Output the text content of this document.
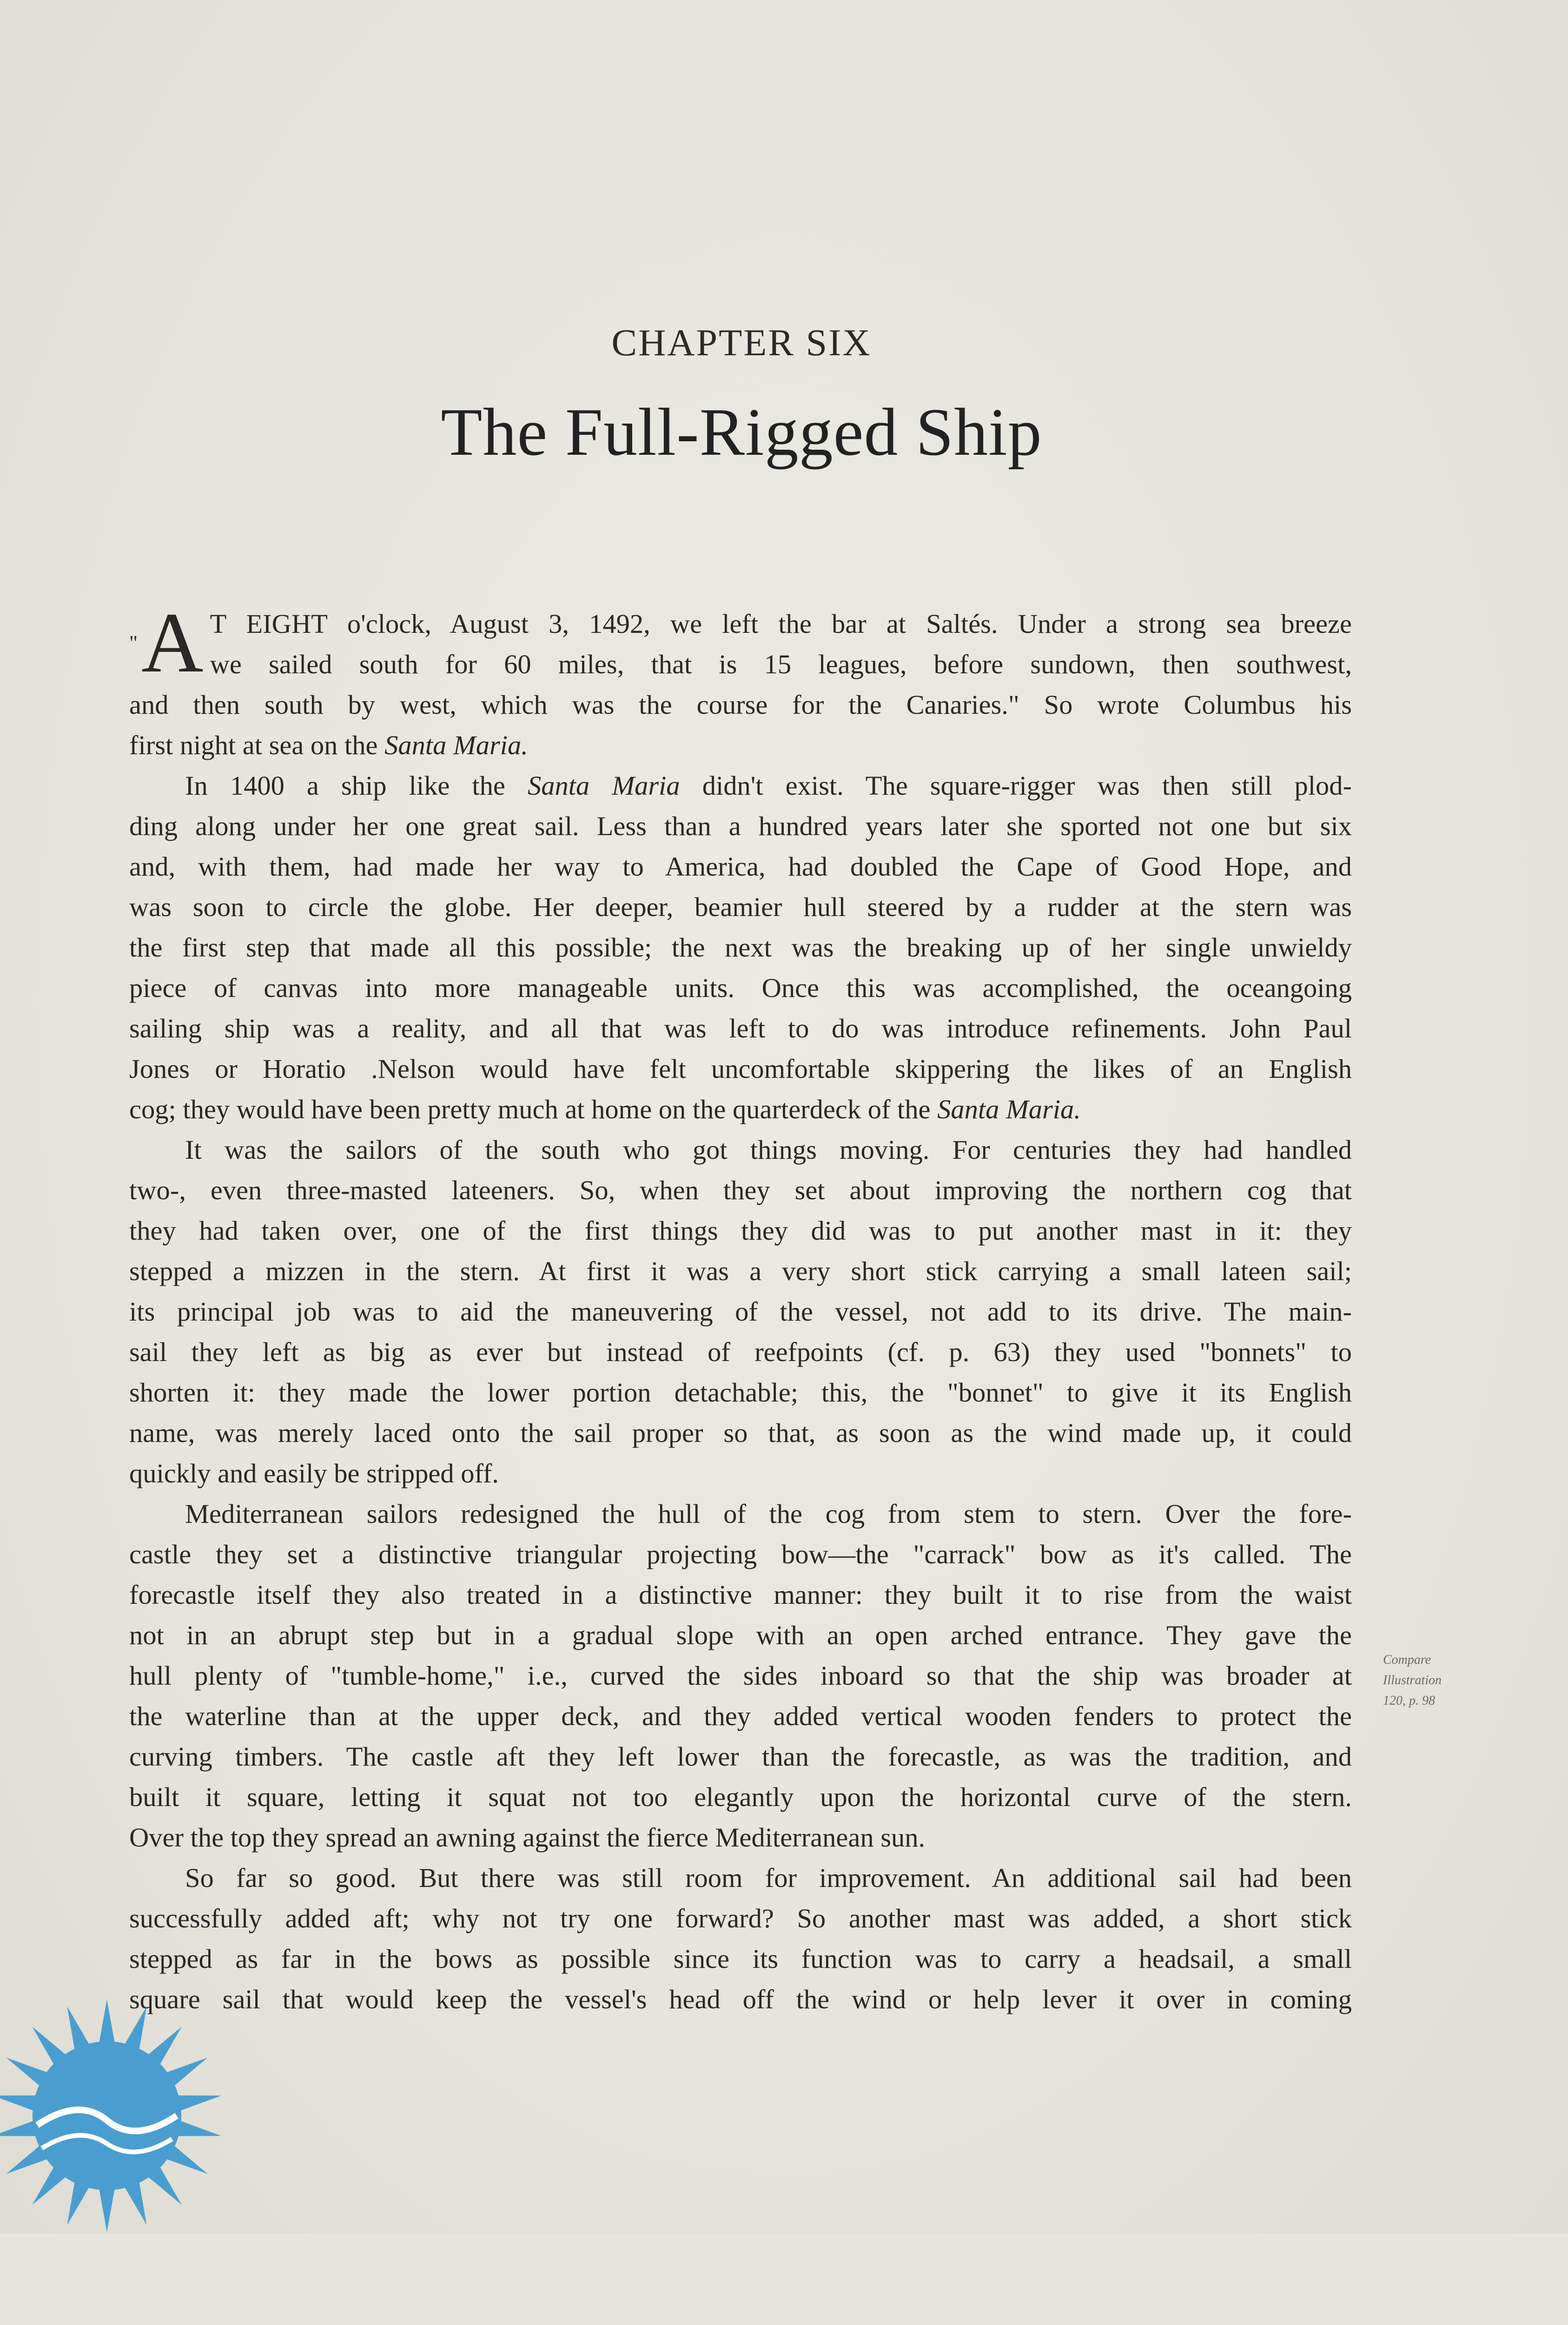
CHAPTER SIX
The Full-Rigged Ship
"A T EIGHT o'clock, August 3, 1492, we left the bar at Saltés. Under a strong sea breeze
we sailed south for 60 miles, that is 15 leagues, before sundown, then southwest,
and then south by west, which was the course for the Canaries." So wrote Columbus his
first night at sea on the Santa Maria.
In 1400 a ship like the Santa Maria didn't exist. The square-rigger was then still plod-
ding along under her one great sail. Less than a hundred years later she sported not one but six
and, with them, had made her way to America, had doubled the Cape of Good Hope, and
was soon to circle the globe. Her deeper, beamier hull steered by a rudder at the stern was
the first step that made all this possible; the next was the breaking up of her single unwieldy
piece of canvas into more manageable units. Once this was accomplished, the oceangoing
sailing ship was a reality, and all that was left to do was introduce refinements. John Paul
Jones or Horatio .Nelson would have felt uncomfortable skippering the likes of an English
cog; they would have been pretty much at home on the quarterdeck of the Santa Maria.
It was the sailors of the south who got things moving. For centuries they had handled
two-, even three-masted lateeners. So, when they set about improving the northern cog that
they had taken over, one of the first things they did was to put another mast in it: they
stepped a mizzen in the stern. At first it was a very short stick carrying a small lateen sail;
its principal job was to aid the maneuvering of the vessel, not add to its drive. The main-
sail they left as big as ever but instead of reefpoints (cf. p. 63) they used "bonnets" to
shorten it: they made the lower portion detachable; this, the "bonnet" to give it its English
name, was merely laced onto the sail proper so that, as soon as the wind made up, it could
quickly and easily be stripped off.
Mediterranean sailors redesigned the hull of the cog from stem to stern. Over the fore-
castle they set a distinctive triangular projecting bow—the "carrack" bow as it's called. The
forecastle itself they also treated in a distinctive manner: they built it to rise from the waist
not in an abrupt step but in a gradual slope with an open arched entrance. They gave the
hull plenty of "tumble-home," i.e., curved the sides inboard so that the ship was broader at
the waterline than at the upper deck, and they added vertical wooden fenders to protect the
curving timbers. The castle aft they left lower than the forecastle, as was the tradition, and
built it square, letting it squat not too elegantly upon the horizontal curve of the stern.
Over the top they spread an awning against the fierce Mediterranean sun.
So far so good. But there was still room for improvement. An additional sail had been
successfully added aft; why not try one forward? So another mast was added, a short stick
stepped as far in the bows as possible since its function was to carry a headsail, a small
square sail that would keep the vessel's head off the wind or help lever it over in coming
Compare
Illustration
120, p. 98
